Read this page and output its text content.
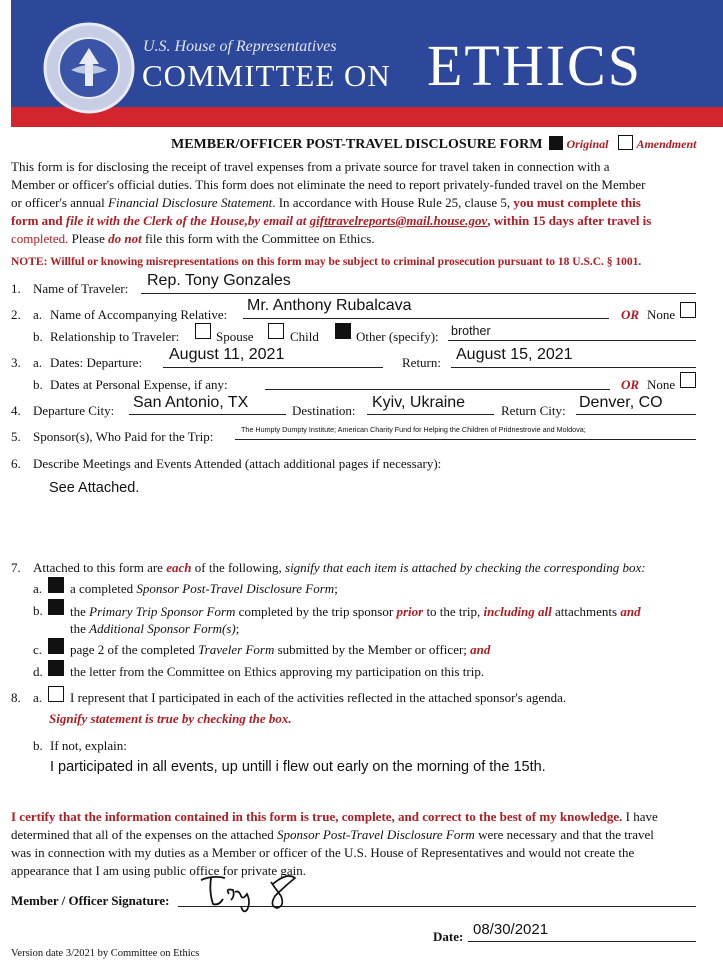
U.S. House of Representatives
COMMITTEE ON ETHICS
MEMBER/OFFICER POST-TRAVEL DISCLOSURE FORM Original Amendment

This form is for disclosing the receipt of travel expenses from a private source for travel taken in connection with a

Member or officer's official duties. This form does not eliminate the need to report privately-funded travel on the Member

or officer's annual Financial Disclosure Statement. In accordance with House Rule 25, clause 5, you must complete this

form and file it with the Clerk of the House,by email at gifttravelreports@mail.house.gov, within 15 days after travel is

completed. Please do not file this form with the Committee on Ethics.

NOTE: Willful or knowing misrepresentations on this form may be subject to criminal prosecution pursuant to 18 U.S.C. § 1001.
1. Name of Traveler: Rep. Tony Gonzales
2. a. Name of Accompanying Relative:
Mr. Anthony Rubalcava
OR None
b. Relationship to Traveler:	Spouse	Child	Other (specify): brother
3. a. Dates: Departure: August 11, 2021	Return: August 15, 2021
b. Dates at Personal Expense, if any:	OR None
4. Departure City: San Antonio, TX	Destination: Kyiv, Ukraine	Return City: Denver, CO
5. Sponsor(s), Who Paid for the Trip:	The Humpty Dumpty Institute; American Charity Fund for Helping the Children of Pridnestrovie and Moldova;
6. Describe Meetings and Events Attended (attach additional pages if necessary):
See Attached.
7. Attached to this form are each of the following, signify that each item is attached by checking the corresponding box:
a. a completed Sponsor Post-Travel Disclosure Form;
b. the Primary Trip Sponsor Form completed by the trip sponsor prior to the trip, including all attachments and
the Additional Sponsor Form(s);
c. page 2 of the completed Traveler Form submitted by the Member or officer; and
d. the letter from the Committee on Ethics approving my participation on this trip.
8. a. I represent that I participated in each of the activities reflected in the attached sponsor's agenda.
Signify statement is true by checking the box.
b. If not, explain:
I participated in all events, up untill i flew out early on the morning of the 15th.

I certify that the information contained in this form is true, complete, and correct to the best of my knowledge. I have

determined that all of the expenses on the attached Sponsor Post-Travel Disclosure Form were necessary and that the travel

was in connection with my duties as a Member or officer of the U.S. House of Representatives and would not create the

appearance that I am using public office for private gain.

Member / Officer Signature:
Date: 08/30/2021
Version date 3/2021 by Committee on Ethics
